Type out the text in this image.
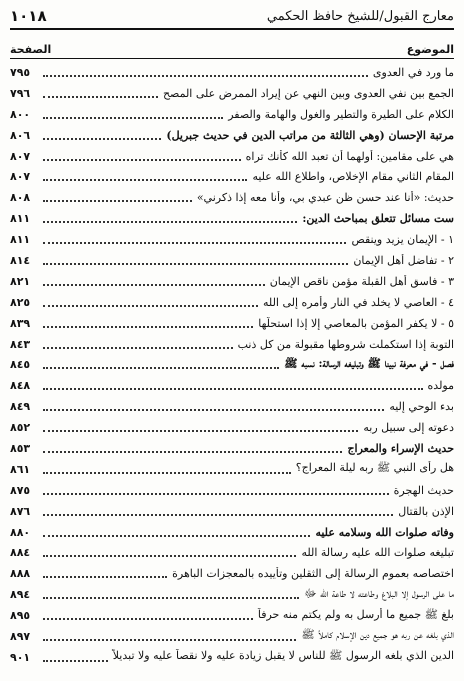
معارج القبول/للشيخ حافظ الحكمي
١٠١٨
الموضوع
الصفحة
ما ورد في العدوى
٧٩٥
الجمع بين نفي العدوى وبين النهي عن إيراد الممرض على المصح
٧٩٦
الكلام على الطيرة والتطير والغول والهامة والصفر
٨٠٠
مرتبة الإحسان (وهي الثالثة من مراتب الدين في حديث جبريل)
٨٠٦
هي على مقامين: أولهما أن تعبد الله كأنك تراه
٨٠٧
المقام الثاني مقام الإخلاص، واطلاع الله عليه
٨٠٧
حديث: «أنا عند حسن ظن عبدي بي، وأنا معه إذا ذكرني»
٨٠٨
ست مسائل تتعلق بمباحث الدين:
٨١١
١ - الإيمان يزيد وينقص
٨١١
٢ - تفاضل أهل الإيمان
٨١٤
٣ - فاسق أهل القبلة مؤمن ناقص الإيمان
٨٢١
٤ - العاصي لا يخلد في النار وأمره إلى الله
٨٢٥
٥ - لا يكفر المؤمن بالمعاصي إلا إذا استحلّها
٨٣٩
التوبة إذا استكملت شروطها مقبولة من كل ذنب
٨٤٣
فصل - في معرفة نبينا ﷺ وتبليغه الرسالة: نسبه ﷺ
٨٤٥
مولده
٨٤٨
بدء الوحي إليه
٨٤٩
دعوته إلى سبيل ربه
٨٥٢
حديث الإسراء والمعراج
٨٥٣
هل رأى النبي ﷺ ربه ليلة المعراج؟
٨٦١
حديث الهجرة
٨٧٥
الإذن بالقتال
٨٧٦
وفاته صلوات الله وسلامه عليه
٨٨٠
تبليغه صلوات الله عليه رسالة الله
٨٨٤
اختصاصه بعموم الرسالة إلى الثقلين وتأييده بالمعجزات الباهرة
٨٨٨
ما على الرسول إلا البلاغ وطاعته لا طاعة الله ﷻ
٨٩٤
بلغ ﷺ جميع ما أرسل به ولم يكتم منه حرفاً
٨٩٥
الذي بلغه عن ربه هو جميع دين الإسلام كاملاً ﷺ
٨٩٧
الدين الذي بلغه الرسول ﷺ للناس لا يقبل زيادة عليه ولا نقصاً عليه ولا تبديلاً
٩٠١
